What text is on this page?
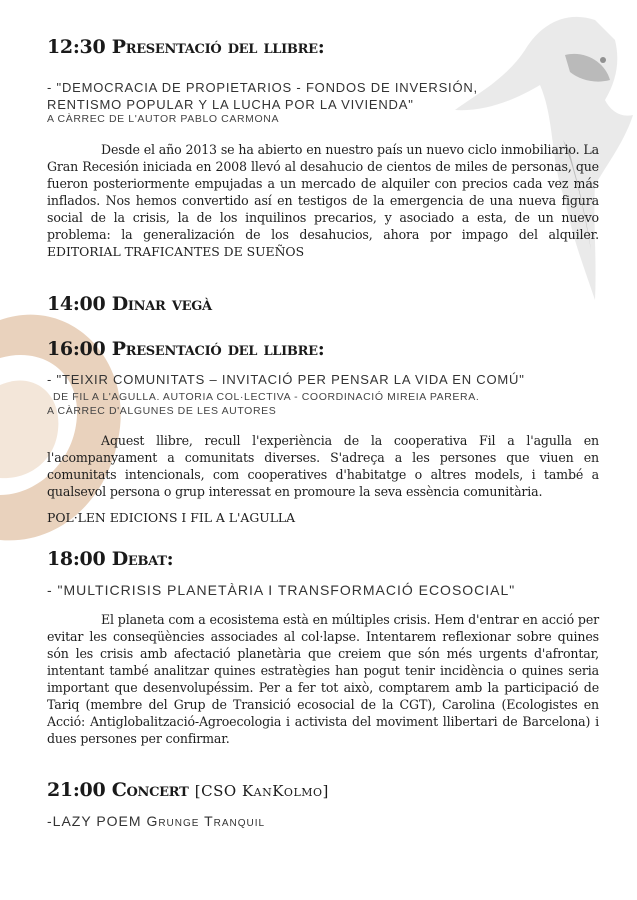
12:30 Presentació del llibre:

- "DEMOCRACIA DE PROPIETARIOS - FONDOS DE INVERSIÓN,

RENTISMO POPULAR Y LA LUCHA POR LA VIVIENDA"

A CÀRREC DE L'AUTOR PABLO CARMONA

Desde el año 2013 se ha abierto en nuestro país un nuevo ciclo inmobiliario. La Gran Recesión iniciada en 2008 llevó al desahucio de cientos de miles de personas, que fueron posteriormente empujadas a un mercado de alquiler con precios cada vez más inflados. Nos hemos convertido así en testigos de la emergencia de una nueva figura social de la crisis, la de los inquilinos precarios, y asociado a esta, de un nuevo problema: la generalización de los desahucios, ahora por impago del alquiler. EDITORIAL TRAFICANTES DE SUEÑOS

14:00 Dinar vegà
16:00 Presentació del llibre:

- "TEIXIR COMUNITATS – INVITACIÓ PER PENSAR LA VIDA EN COMÚ"

DE FIL A L'AGULLA. AUTORIA COL·LECTIVA - COORDINACIÓ MIREIA PARERA.

A CÀRREC D'ALGUNES DE LES AUTORES

Aquest llibre, recull l'experiència de la cooperativa Fil a l'agulla en l'acompanyament a comunitats diverses. S'adreça a les persones que viuen en comunitats intencionals, com cooperatives d'habitatge o altres models, i també a qualsevol persona o grup interessat en promoure la seva essència comunitària.

POL·LEN EDICIONS I FIL A L'AGULLA

18:00 Debat:

- "MULTICRISIS PLANETÀRIA I TRANSFORMACIÓ ECOSOCIAL"

El planeta com a ecosistema està en múltiples crisis. Hem d'entrar en acció per evitar les conseqüències associades al col·lapse. Intentarem reflexionar sobre quines són les crisis amb afectació planetària que creiem que són més urgents d'afrontar, intentant també analitzar quines estratègies han pogut tenir incidència o quines seria important que desenvolupéssim. Per a fer tot això, comptarem amb la participació de Tariq (membre del Grup de Transició ecosocial de la CGT), Carolina (Ecologistes en Acció: Antiglobalització-Agroecologia i activista del moviment llibertari de Barcelona) i dues persones per confirmar.

21:00 Concert [CSO KanKolmo]

-LAZY POEM Grunge Tranquil
